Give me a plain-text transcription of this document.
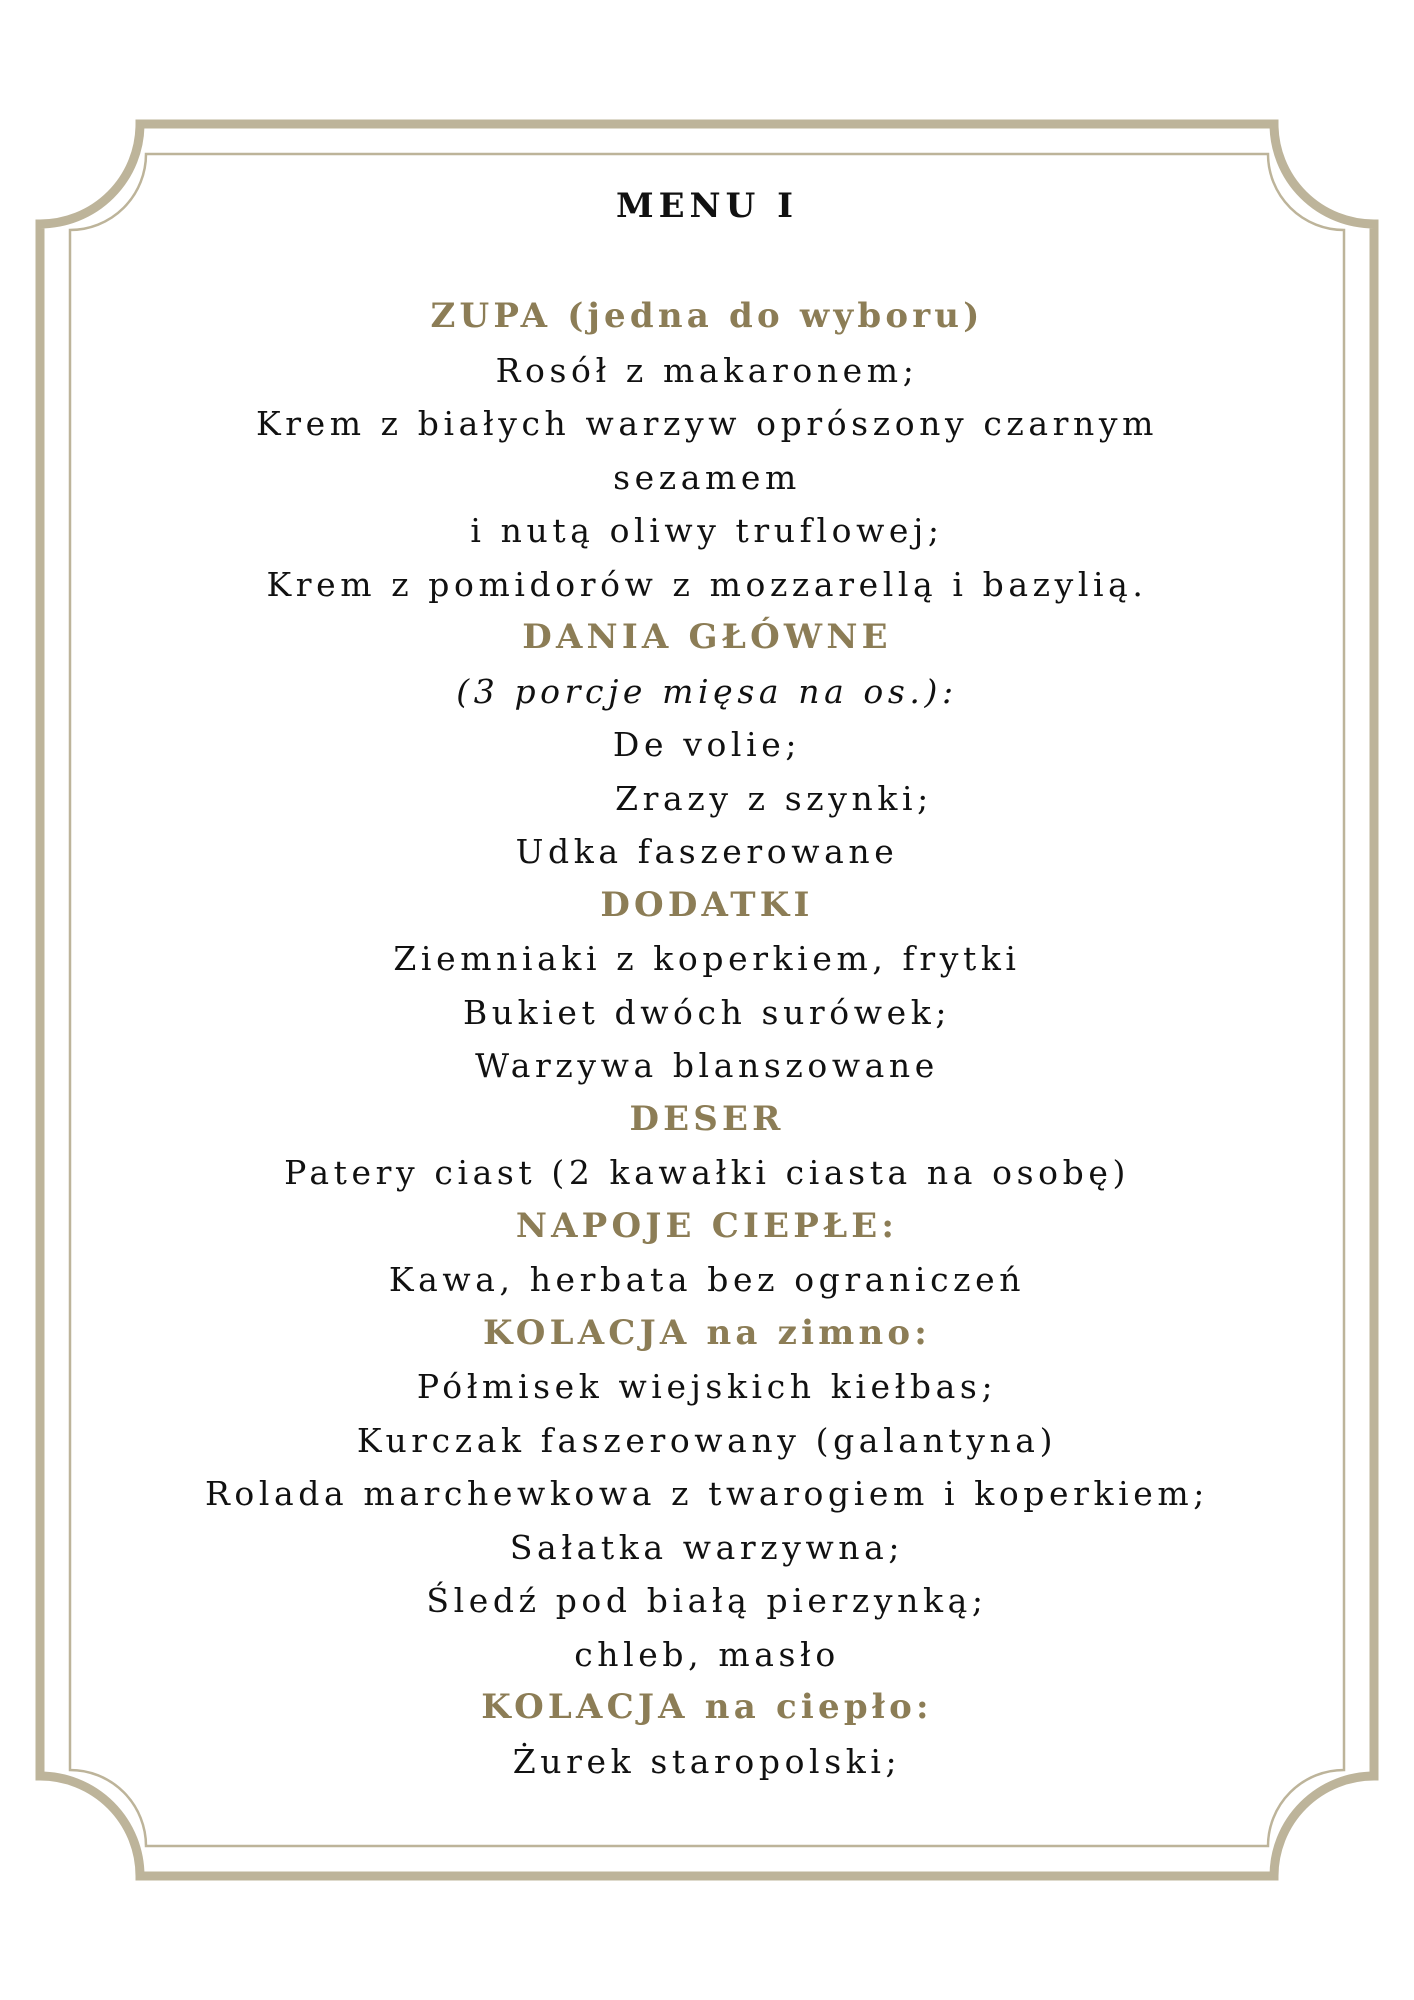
MENU I
ZUPA (jedna do wyboru)
Rosół z makaronem;
Krem z białych warzyw oprószony czarnym
sezamem
i nutą oliwy truflowej;
Krem z pomidorów z mozzarellą i bazylią.
DANIA GŁÓWNE
(3 porcje mięsa na os.):
De volie;
Zrazy z szynki;
Udka faszerowane
DODATKI
Ziemniaki z koperkiem, frytki
Bukiet dwóch surówek;
Warzywa blanszowane
DESER
Patery ciast (2 kawałki ciasta na osobę)
NAPOJE CIEPŁE:
Kawa, herbata bez ograniczeń
KOLACJA na zimno:
Półmisek wiejskich kiełbas;
Kurczak faszerowany (galantyna)
Rolada marchewkowa z twarogiem i koperkiem;
Sałatka warzywna;
Śledź pod białą pierzynką;
chleb, masło
KOLACJA na ciepło:
Żurek staropolski;
